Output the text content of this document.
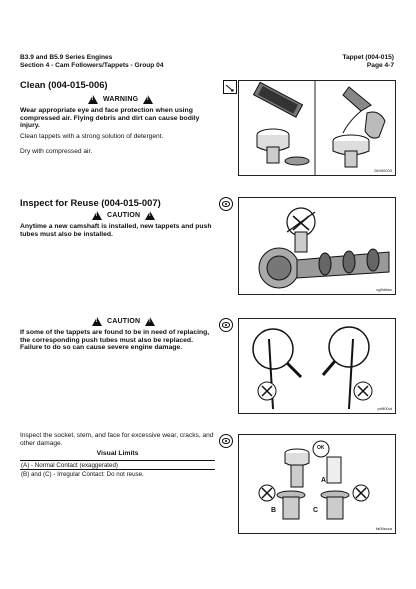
B3.9 and B5.9 Series Engines
Section 4 - Cam Followers/Tappets - Group 04
Tappet (004-015)
Page 4-7
Clean (004-015-006)
!
WARNING
!
Wear appropriate eye and face protection when using compressed air. Flying debris and dirt can cause bodily injury.
Clean tappets with a strong solution of detergent.
Dry with compressed air.
04000033
Inspect for Reuse (004-015-007)
!
CAUTION
!
Anytime a new camshaft is installed, new tappets and push tubes must also be installed.
cg9drlwc
!
CAUTION
!
If some of the tappets are found to be in need of replacing, the corresponding push tubes must also be replaced. Failure to do so can cause severe engine damage.
pr9l00ut
Inspect the socket, stem, and face for excessive wear, cracks, and other damage.
Visual Limits
(A) - Normal Contact (exaggerated)
(B) and (C) - Irregular Contact: Do not reuse.
OK
A
B	C
fa09sxca
